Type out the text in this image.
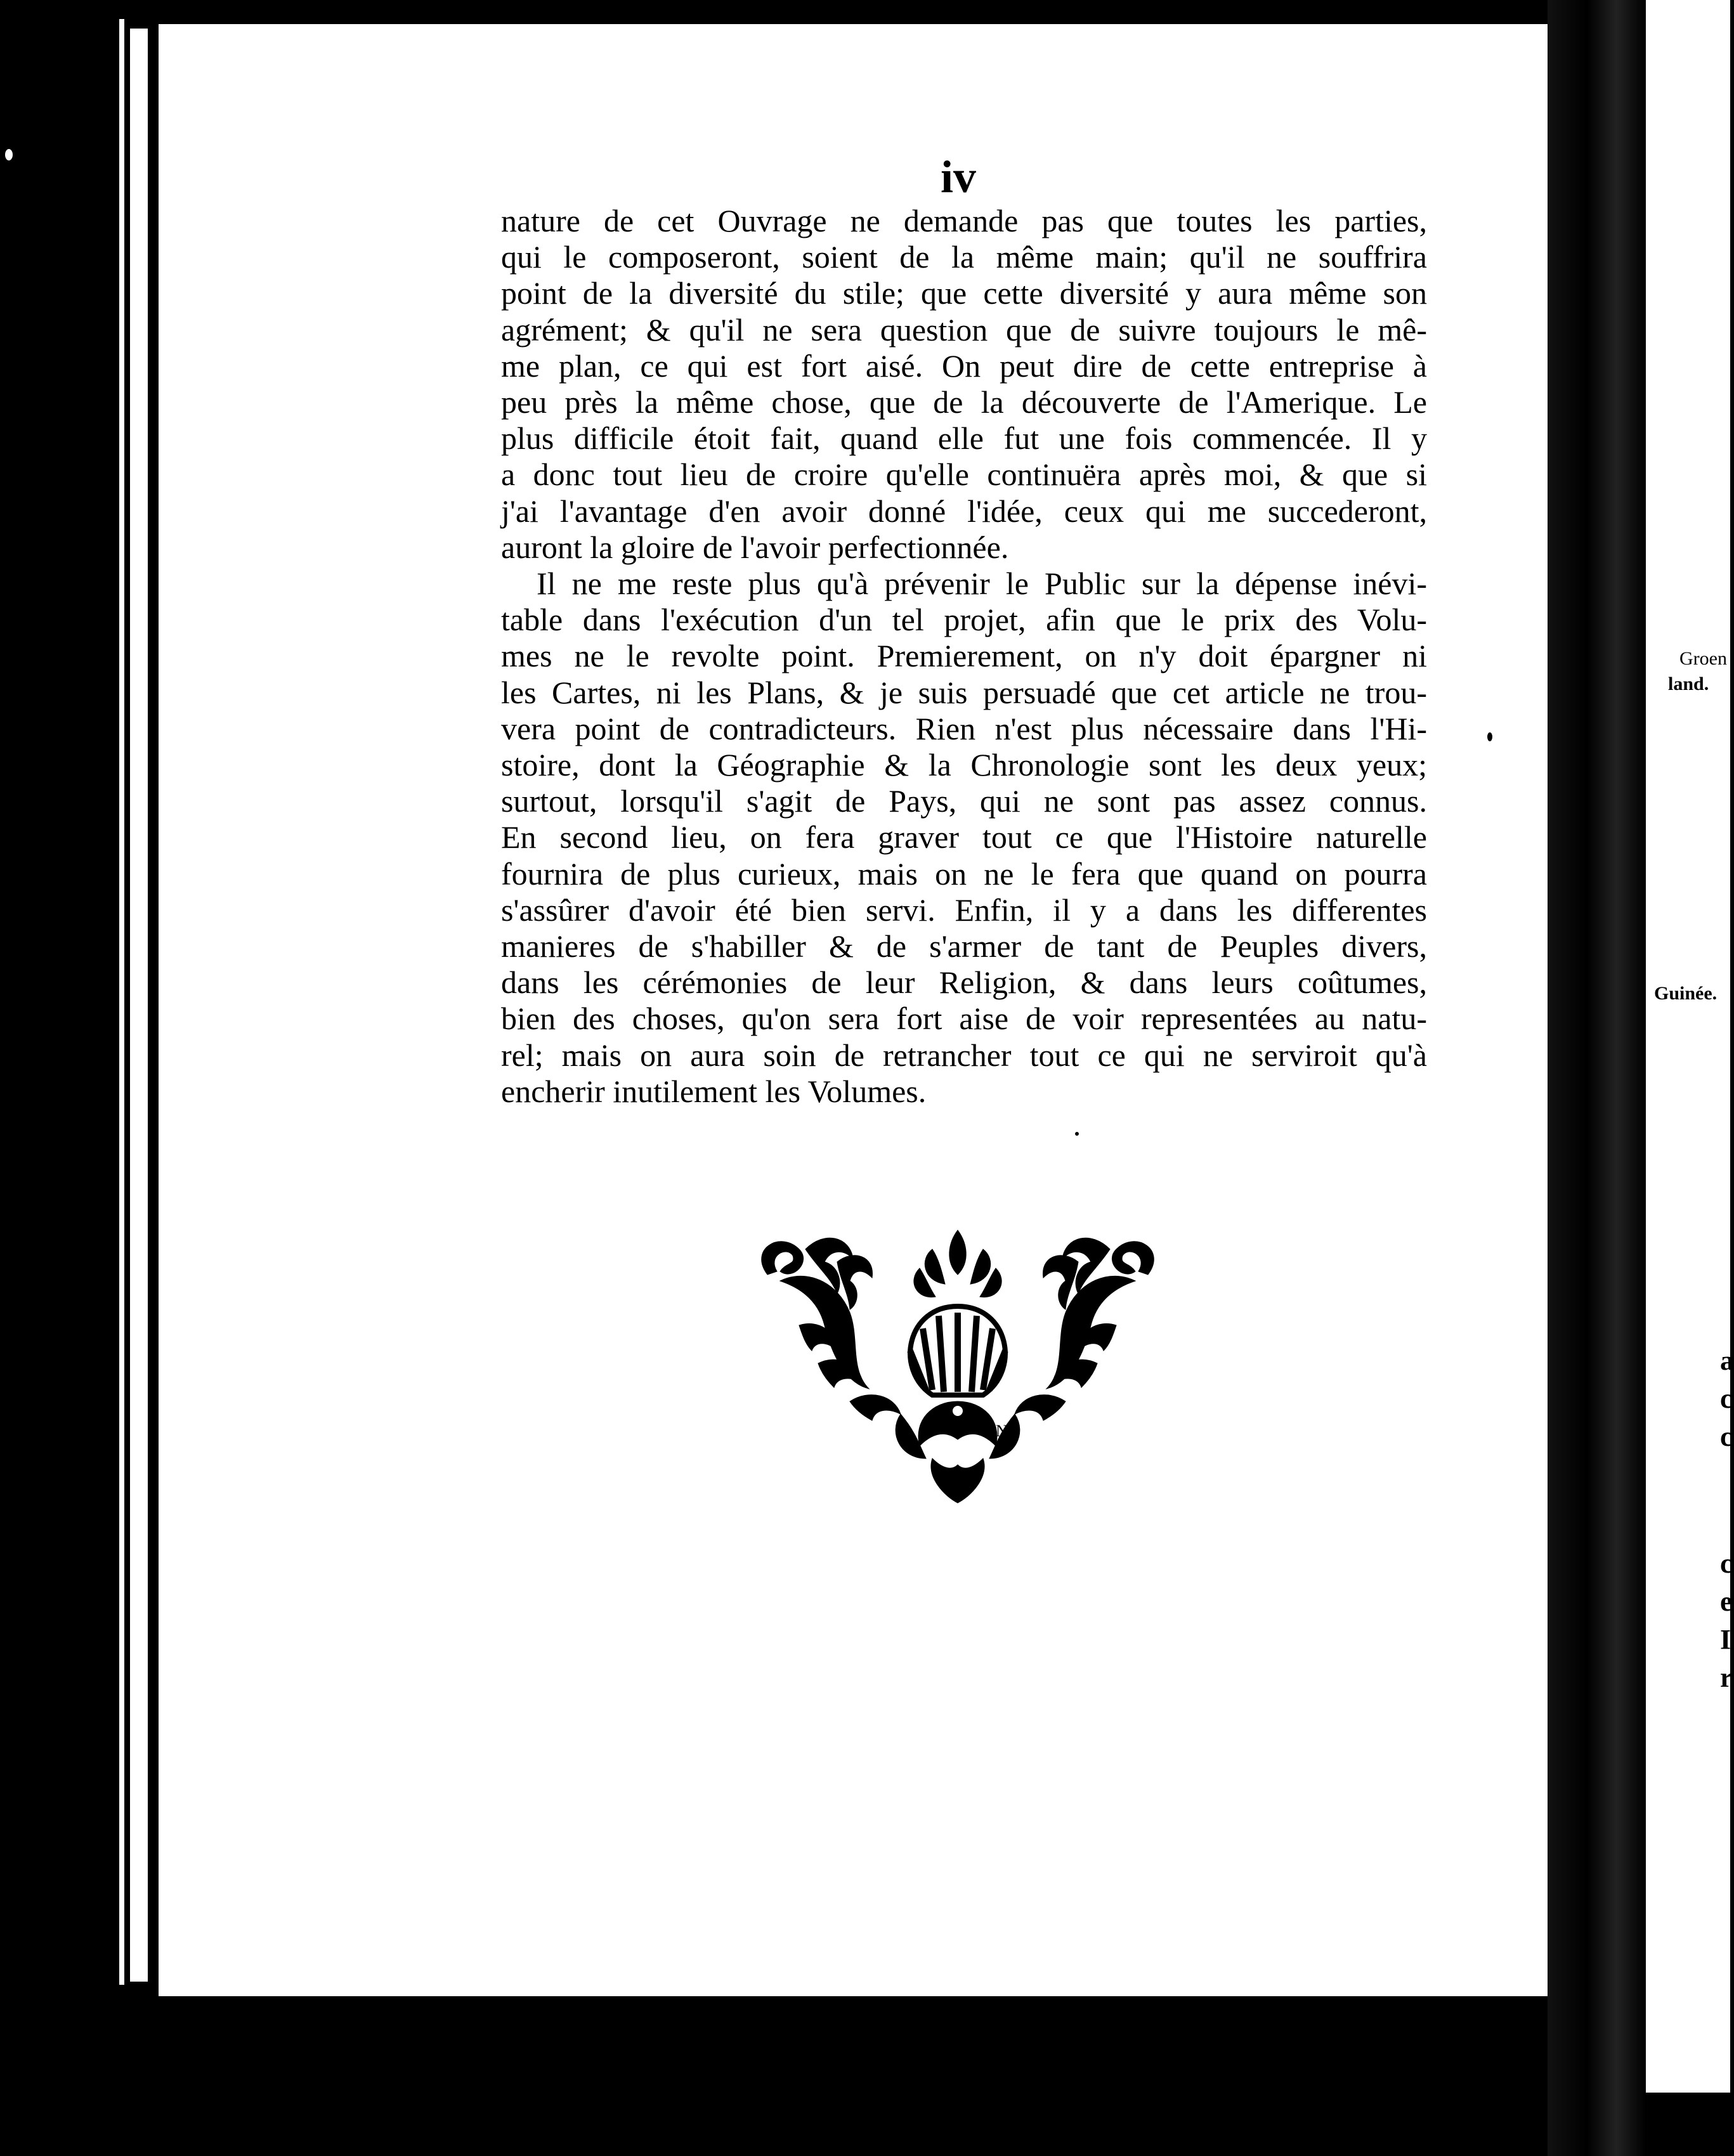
iv

nature de cet Ouvrage ne demande pas que toutes les parties,
qui le composeront, soient de la même main; qu'il ne souffrira
point de la diversité du stile; que cette diversité y aura même son
agrément; & qu'il ne sera question que de suivre toujours le mê-
me plan, ce qui est fort aisé. On peut dire de cette entreprise à
peu près la même chose, que de la découverte de l'Amerique. Le
plus difficile étoit fait, quand elle fut une fois commencée. Il y
a donc tout lieu de croire qu'elle continuëra après moi, & que si
j'ai l'avantage d'en avoir donné l'idée, ceux qui me succederont,
auront la gloire de l'avoir perfectionnée.

Il ne me reste plus qu'à prévenir le Public sur la dépense inévi-
table dans l'exécution d'un tel projet, afin que le prix des Volu-
mes ne le revolte point. Premierement, on n'y doit épargner ni
les Cartes, ni les Plans, & je suis persuadé que cet article ne trou-
vera point de contradicteurs. Rien n'est plus nécessaire dans l'Hi-
stoire, dont la Géographie & la Chronologie sont les deux yeux;
surtout, lorsqu'il s'agit de Pays, qui ne sont pas assez connus.
En second lieu, on fera graver tout ce que l'Histoire naturelle
fournira de plus curieux, mais on ne le fera que quand on pourra
s'assûrer d'avoir été bien servi. Enfin, il y a dans les differentes
manieres de s'habiller & de s'armer de tant de Peuples divers,
dans les cérémonies de leur Religion, & dans leurs coûtumes,
bien des choses, qu'on sera fort aise de voir representées au natu-
rel; mais on aura soin de retrancher tout ce qui ne serviroit qu'à
encherir inutilement les Volumes.

N
Groen
land.
Guinée.
a
c
c
c
e
I
r
